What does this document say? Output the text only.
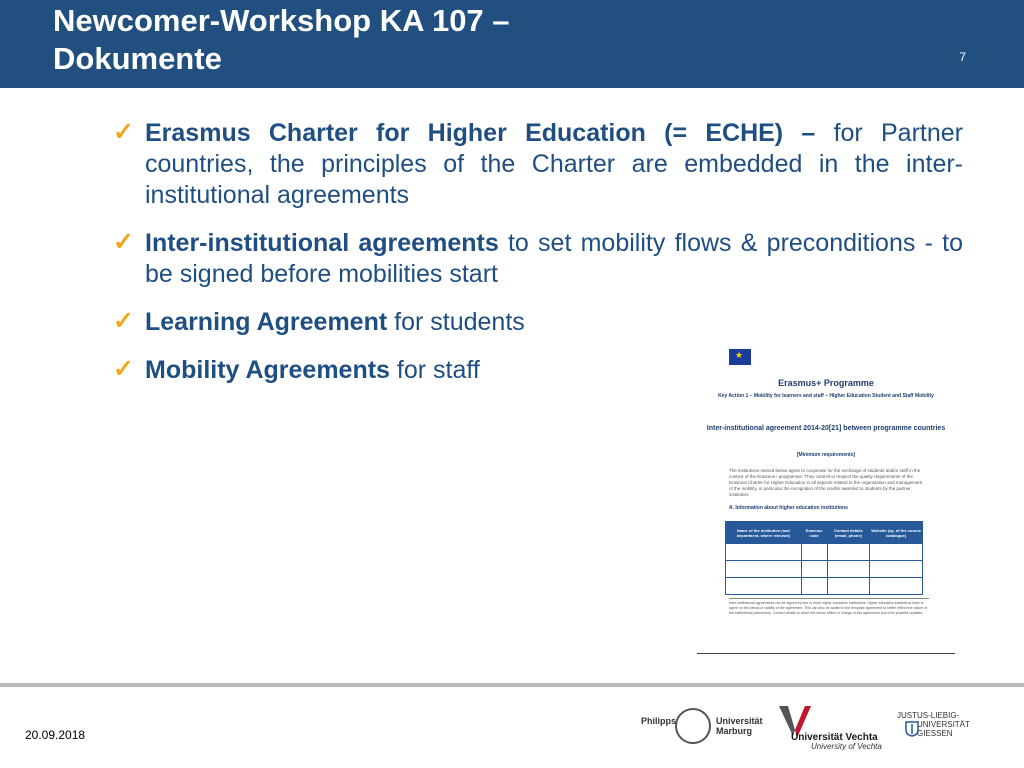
Newcomer-Workshop KA 107 –
Dokumente	7
✓ Erasmus Charter for Higher Education (= ECHE) – for Partner countries, the principles of the Charter are embedded in the inter-institutional agreements
✓ Inter-institutional agreements to set mobility flows & preconditions - to be signed before mobilities start
✓ Learning Agreement for students
✓ Mobility Agreements for staff
★	Erasmus+ Programme
Key Action 1 – Mobility for learners and staff – Higher Education Student and Staff Mobility
Inter-institutional agreement 2014-20[21] between programme countries
[Minimum requirements]
The institutions named below agree to cooperate for the exchange of students and/or staff in the context of the Erasmus+ programme. They commit to respect the quality requirements of the Erasmus Charter for Higher Education in all aspects related to the organisation and management of the mobility, in particular the recognition of the credits awarded to students by the partner institution.
A. Information about higher education institutions
Name of the institution (and department, where relevant)	Erasmus code	Contact details (email, phone)	Website (eg. of the course catalogue)

Inter-institutional agreements can be signed by two or more higher education institutions. Higher education institutions have to agree on the period of validity of the agreement. This can also be added to the template agreement to better reflect the nature of the institutional partnership. Contact details to reach the senior officer in charge of this agreement and of its possible updates.
20.09.2018
Philipps	Universität
Marburg
Universität Vechta
University of Vechta
JUSTUS-LIEBIG-
UNIVERSITÄT
GIESSEN
